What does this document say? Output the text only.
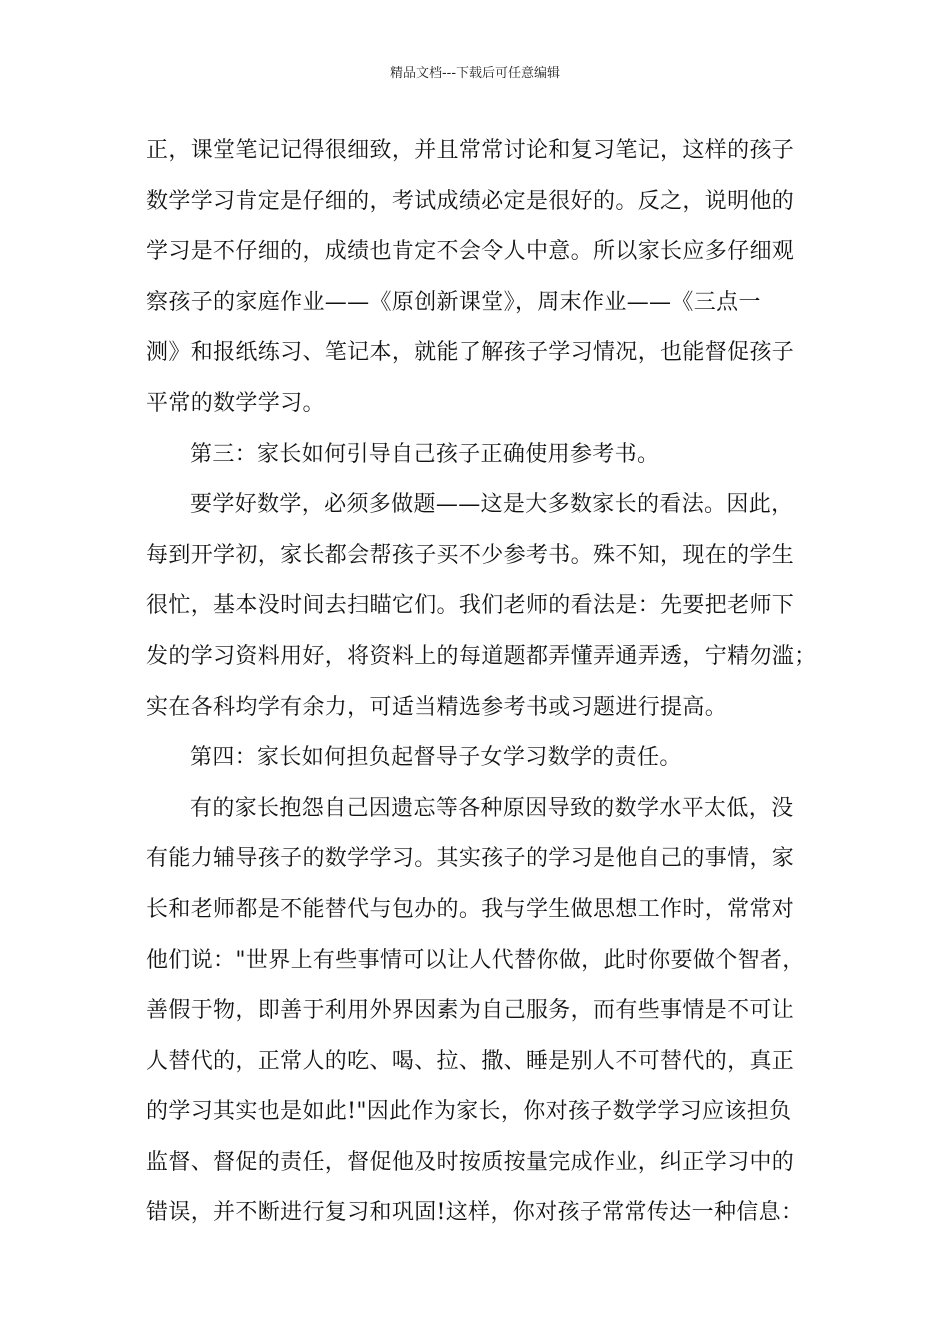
精品文档---下载后可任意编辑
正，课堂笔记记得很细致，并且常常讨论和复习笔记，这样的孩子
数学学习肯定是仔细的，考试成绩必定是很好的。反之，说明他的
学习是不仔细的，成绩也肯定不会令人中意。所以家长应多仔细观
察孩子的家庭作业——《原创新课堂》，周末作业——《三点一
测》和报纸练习、笔记本，就能了解孩子学习情况，也能督促孩子
平常的数学学习。
第三：家长如何引导自己孩子正确使用参考书。
要学好数学，必须多做题——这是大多数家长的看法。因此，
每到开学初，家长都会帮孩子买不少参考书。殊不知，现在的学生
很忙，基本没时间去扫瞄它们。我们老师的看法是：先要把老师下
发的学习资料用好，将资料上的每道题都弄懂弄通弄透，宁精勿滥；
实在各科均学有余力，可适当精选参考书或习题进行提高。
第四：家长如何担负起督导子女学习数学的责任。
有的家长抱怨自己因遗忘等各种原因导致的数学水平太低，没
有能力辅导孩子的数学学习。其实孩子的学习是他自己的事情，家
长和老师都是不能替代与包办的。我与学生做思想工作时，常常对
他们说："世界上有些事情可以让人代替你做，此时你要做个智者，
善假于物，即善于利用外界因素为自己服务，而有些事情是不可让
人替代的，正常人的吃、喝、拉、撒、睡是别人不可替代的，真正
的学习其实也是如此!"因此作为家长，你对孩子数学学习应该担负
监督、督促的责任，督促他及时按质按量完成作业，纠正学习中的
错误，并不断进行复习和巩固!这样，你对孩子常常传达一种信息：
